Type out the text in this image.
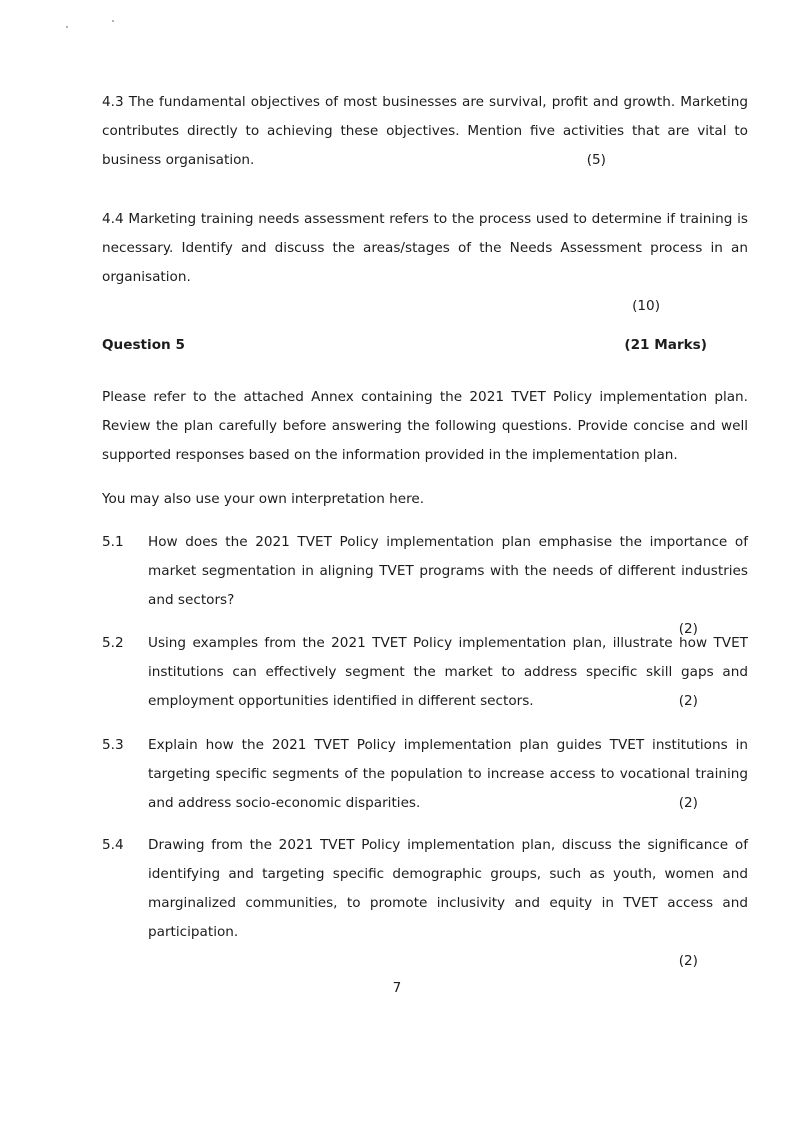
4.3 The fundamental objectives of most businesses are survival, profit and growth. Marketing contributes directly to achieving these objectives. Mention five activities that are vital to business organisation.	(5)

4.4 Marketing training needs assessment refers to the process used to determine if training is necessary. Identify and discuss the areas/stages of the Needs Assessment process in an organisation.
(10)
Question 5	(21 Marks)

Please refer to the attached Annex containing the 2021 TVET Policy implementation plan. Review the plan carefully before answering the following questions. Provide concise and well supported responses based on the information provided in the implementation plan.

You may also use your own interpretation here.

5.1 How does the 2021 TVET Policy implementation plan emphasise the importance of market segmentation in aligning TVET programs with the needs of different industries and sectors?
(2)
5.2 Using examples from the 2021 TVET Policy implementation plan, illustrate how TVET institutions can effectively segment the market to address specific skill gaps and employment opportunities identified in different sectors.	(2)
5.3 Explain how the 2021 TVET Policy implementation plan guides TVET institutions in targeting specific segments of the population to increase access to vocational training and address socio-economic disparities.	(2)
5.4 Drawing from the 2021 TVET Policy implementation plan, discuss the significance of identifying and targeting specific demographic groups, such as youth, women and marginalized communities, to promote inclusivity and equity in TVET access and participation.
(2)
7
